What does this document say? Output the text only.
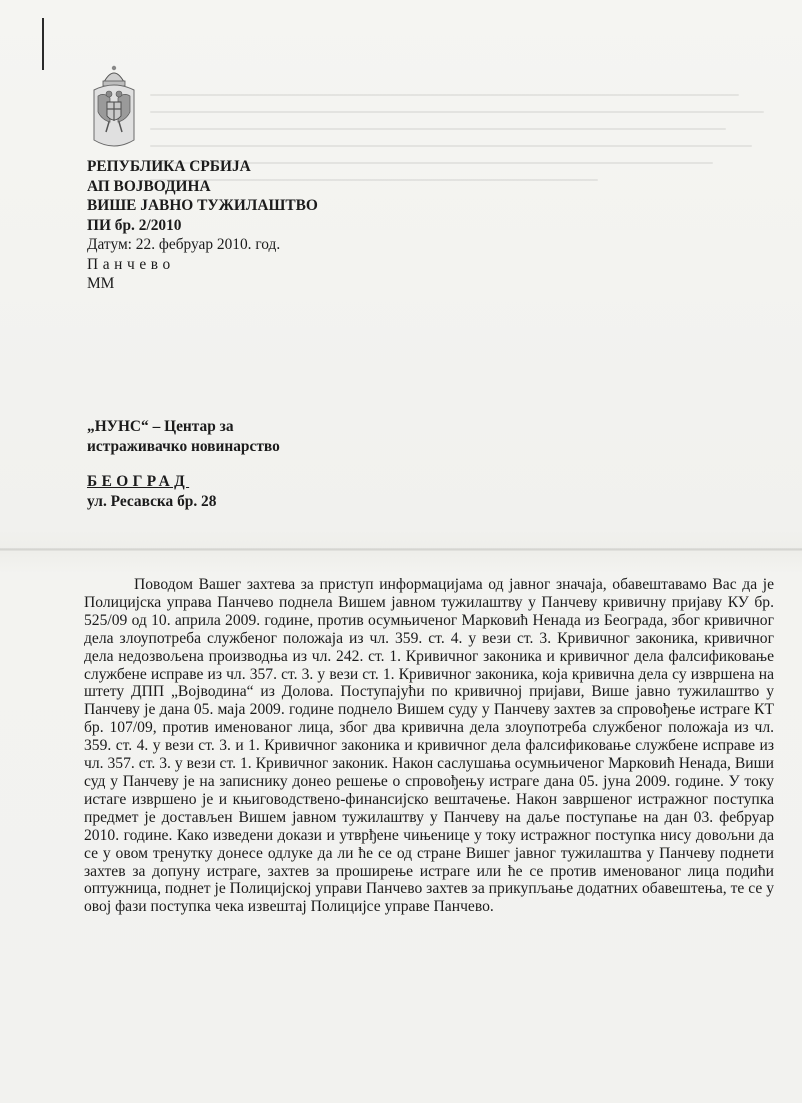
РЕПУБЛИКА СРБИЈА
АП ВОЈВОДИНА
ВИШЕ ЈАВНО ТУЖИЛАШТВО
ПИ бр. 2/2010
Датум: 22. фебруар 2010. год.
Панчево
ММ
„НУНС“ – Центар за
истраживачко новинарство
БЕОГРАД
ул. Ресавска бр. 28

Поводом Вашег захтева за приступ информацијама од јавног значаја, обавештавамо Вас да је Полицијска управа Панчево поднела Вишем јавном тужилаштву у Панчеву кривичну пријаву КУ бр. 525/09 од 10. априла 2009. године, против осумњиченог Марковић Ненада из Београда, због кривичног дела злоупотреба службеног положаја из чл. 359. ст. 4. у вези ст. 3. Кривичног законика, кривичног дела недозвољена производња из чл. 242. ст. 1. Кривичног законика и кривичног дела фалсификовање службене исправе из чл. 357. ст. 3. у вези ст. 1. Кривичног законика, која кривична дела су извршена на штету ДПП „Војводина“ из Долова. Поступајући по кривичној пријави, Више јавно тужилаштво у Панчеву је дана 05. маја 2009. године поднело Вишем суду у Панчеву захтев за спровођење истраге КТ бр. 107/09, против именованог лица, због два кривична дела злоупотреба службеног положаја из чл. 359. ст. 4. у вези ст. 3. и 1. Кривичног законика и кривичног дела фалсификовање службене исправе из чл. 357. ст. 3. у вези ст. 1. Кривичног законик. Након саслушања осумњиченог Марковић Ненада, Виши суд у Панчеву је на записнику донео решење о спровођењу истраге дана 05. јуна 2009. године. У току истаге извршено је и књиговодствено-финансијско вештачење. Након завршеног истражног поступка предмет је достављен Вишем јавном тужилаштву у Панчеву на даље поступање на дан 03. фебруар 2010. године. Како изведени докази и утврђене чињенице у току истражног поступка нису довољни да се у овом тренутку донесе одлуке да ли ће се од стране Вишег јавног тужилаштва у Панчеву поднети захтев за допуну истраге, захтев за проширење истраге или ће се против именованог лица подићи оптужница, поднет је Полицијској управи Панчево захтев за прикупљање додатних обавештења, те се у овој фази поступка чека извештај Полицијсе управе Панчево.
